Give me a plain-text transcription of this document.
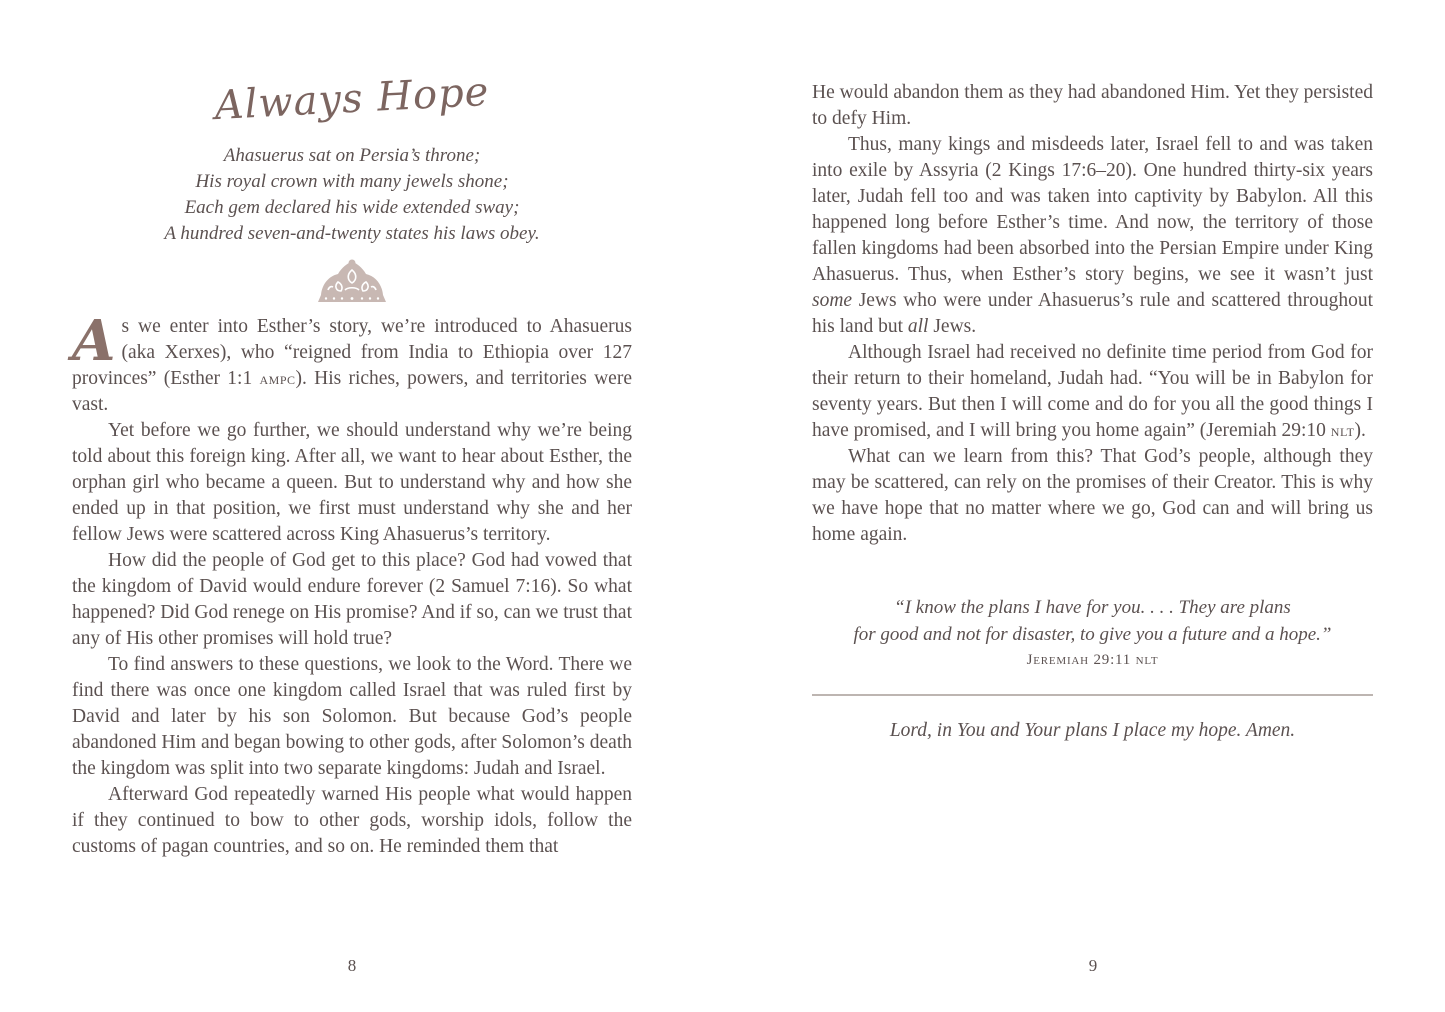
Always Hope
Ahasuerus sat on Persia’s throne;
His royal crown with many jewels shone;
Each gem declared his wide extended sway;
A hundred seven-and-twenty states his laws obey.

As we enter into Esther’s story, we’re introduced to Ahasuerus (aka Xerxes), who “reigned from India to Ethiopia over 127 provinces” (Esther 1:1 ampc). His riches, powers, and territories were vast.

Yet before we go further, we should understand why we’re being told about this foreign king. After all, we want to hear about Esther, the orphan girl who became a queen. But to understand why and how she ended up in that position, we first must understand why she and her fellow Jews were scattered across King Ahasuerus’s territory.

How did the people of God get to this place? God had vowed that the kingdom of David would endure forever (2 Samuel 7:16). So what happened? Did God renege on His promise? And if so, can we trust that any of His other promises will hold true?

To find answers to these questions, we look to the Word. There we find there was once one kingdom called Israel that was ruled first by David and later by his son Solomon. But because God’s people abandoned Him and began bowing to other gods, after Solomon’s death the kingdom was split into two separate kingdoms: Judah and Israel.

Afterward God repeatedly warned His people what would happen if they continued to bow to other gods, worship idols, follow the customs of pagan countries, and so on. He reminded them that

8

He would abandon them as they had abandoned Him. Yet they persisted to defy Him.

Thus, many kings and misdeeds later, Israel fell to and was taken into exile by Assyria (2 Kings 17:6–20). One hundred thirty-six years later, Judah fell too and was taken into captivity by Babylon. All this happened long before Esther’s time. And now, the territory of those fallen kingdoms had been absorbed into the Persian Empire under King Ahasuerus. Thus, when Esther’s story begins, we see it wasn’t just some Jews who were under Ahasuerus’s rule and scattered throughout his land but all Jews.

Although Israel had received no definite time period from God for their return to their homeland, Judah had. “You will be in Babylon for seventy years. But then I will come and do for you all the good things I have promised, and I will bring you home again” (Jeremiah 29:10 nlt).

What can we learn from this? That God’s people, although they may be scattered, can rely on the promises of their Creator. This is why we have hope that no matter where we go, God can and will bring us home again.

“I know the plans I have for you. . . . They are plans
for good and not for disaster, to give you a future and a hope.”
Jeremiah 29:11 nlt
Lord, in You and Your plans I place my hope. Amen.
9
